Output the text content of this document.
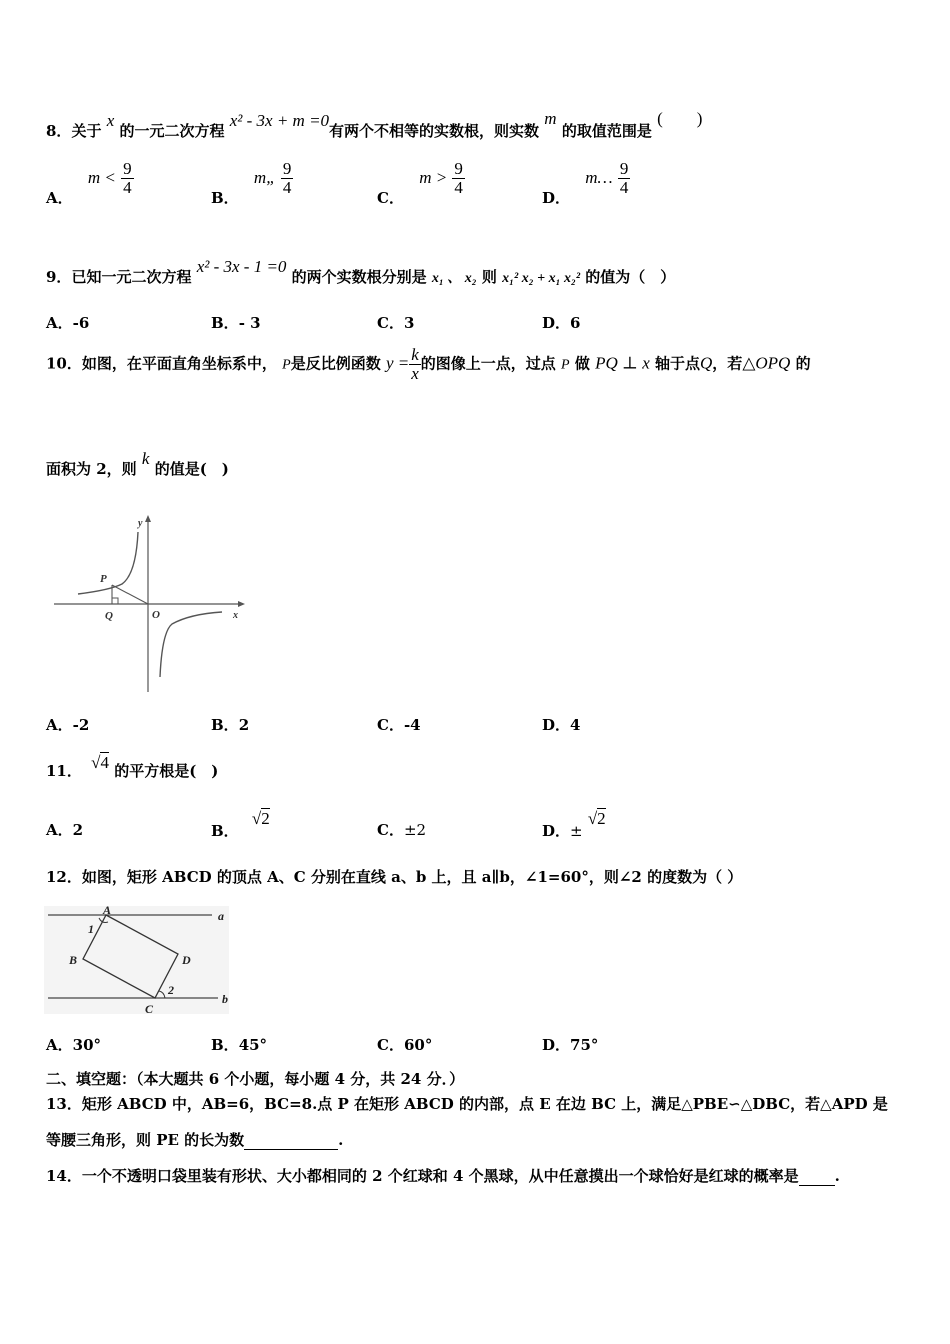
8．关于 x 的一元二次方程 x² - 3x + m =0有两个不相等的实数根，则实数 m 的取值范围是 (　　)
A． $m < \frac{9}{4}$
B． m„ $\frac{9}{4}$
C． $m > \frac{9}{4}$
D． m… $\frac{9}{4}$
9．已知一元二次方程 x² - 3x - 1 =0 的两个实数根分别是 x₁ 、 x₂ 则 x₁² x₂ + x₁ x₂² 的值为（　）
A．-6	B．- 3	C．3	D．6
10．如图，在平面直角坐标系中， P是反比例函数 $y = \frac{k}{x}$ 的图像上一点，过点 P 做 PQ ⊥ x 轴于点Q，若△OPQ 的
面积为 2，则 k 的值是(　)
y
x
O
P
Q
A．-2	B．2	C．-4	D．4
11． √4 的平方根是(　)
A．2	B． √2
C．±2	D．± √2
12．如图，矩形 ABCD 的顶点 A、C 分别在直线 a、b 上，且 a∥b，∠1=60°，则∠2 的度数为（ ）
A
B
C
D
1
2
a
b
A．30°	B．45°	C．60°	D．75°
二、填空题：（本大题共 6 个小题，每小题 4 分，共 24 分．）
13．矩形 ABCD 中，AB=6，BC=8.点 P 在矩形 ABCD 的内部，点 E 在边 BC 上，满足△PBE∽△DBC，若△APD 是
等腰三角形，则 PE 的长为数	.
14．一个不透明口袋里装有形状、大小都相同的 2 个红球和 4 个黑球，从中任意摸出一个球恰好是红球的概率是 .
